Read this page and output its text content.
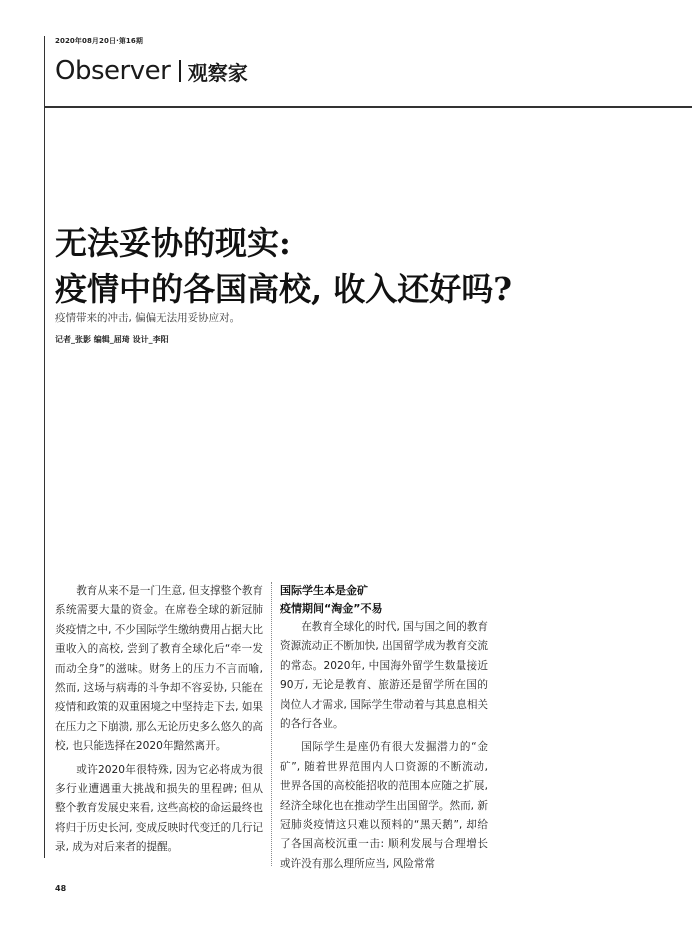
2020年08月20日·第16期
Observer 观察家
无法妥协的现实:
疫情中的各国高校, 收入还好吗?
疫情带来的冲击, 偏偏无法用妥协应对。
记者_张影 编辑_屈琦 设计_李阳

教育从来不是一门生意, 但支撑整个教育系统需要大量的资金。在席卷全球的新冠肺炎疫情之中, 不少国际学生缴纳费用占据大比重收入的高校, 尝到了教育全球化后“牵一发而动全身”的滋味。财务上的压力不言而喻, 然而, 这场与病毒的斗争却不容妥协, 只能在疫情和政策的双重困境之中坚持走下去, 如果在压力之下崩溃, 那么无论历史多么悠久的高校, 也只能选择在2020年黯然离开。

或许2020年很特殊, 因为它必将成为很多行业遭遇重大挑战和损失的里程碑; 但从整个教育发展史来看, 这些高校的命运最终也将归于历史长河, 变成反映时代变迁的几行记录, 成为对后来者的提醒。

国际学生本是金矿
疫情期间“淘金”不易

在教育全球化的时代, 国与国之间的教育资源流动正不断加快, 出国留学成为教育交流的常态。2020年, 中国海外留学生数量接近90万, 无论是教育、旅游还是留学所在国的岗位人才需求, 国际学生带动着与其息息相关的各行各业。

国际学生是座仍有很大发掘潜力的“金矿”, 随着世界范围内人口资源的不断流动, 世界各国的高校能招收的范围本应随之扩展, 经济全球化也在推动学生出国留学。然而, 新冠肺炎疫情这只难以预料的“黑天鹅”, 却给了各国高校沉重一击: 顺利发展与合理增长或许没有那么理所应当, 风险常常

48
